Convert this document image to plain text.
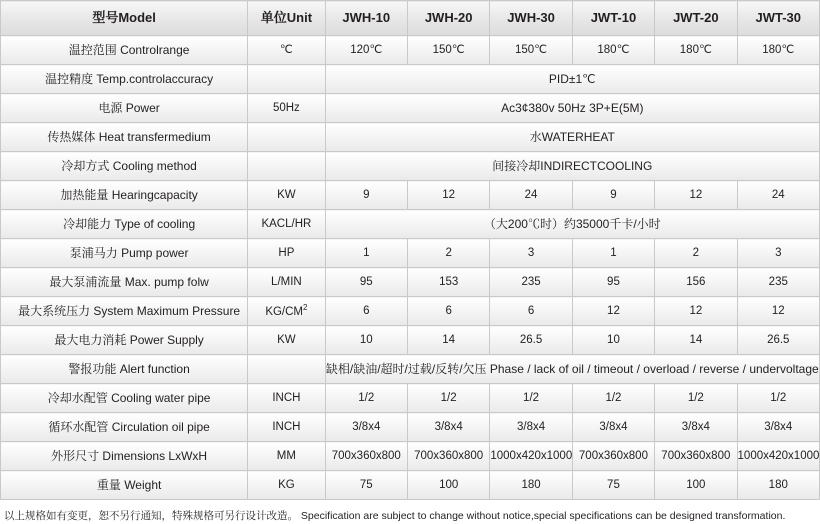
型号Model	单位Unit	JWH-10	JWH-20	JWH-30	JWT-10	JWT-20	JWT-30
温控范围 Controlrange	℃	120℃	150℃	150℃	180℃	180℃	180℃
温控精度 Temp.controlaccuracy		PID±1℃					
电源 Power	50Hz	Ac3¢380v 50Hz 3P+E(5M)					
传热媒体 Heat transfermedium		水WATERHEAT					
冷却方式 Cooling method		间接冷却INDIRECTCOOLING					
加热能量 Hearingcapacity	KW	9	12	24	9	12	24
冷却能力 Type of cooling	KACL/HR	（大200℃时）约35000千卡/小时					
泵浦马力 Pump power	HP	1	2	3	1	2	3
最大泵浦流量 Max. pump folw	L/MIN	95	153	235	95	156	235
最大系统压力 System Maximum Pressure	$KG/CM^2$	6	6	6	12	12	12
最大电力消耗 Power Supply	KW	10	14	26.5	10	14	26.5
警报功能 Alert function		缺相/缺油/超时/过载/反转/欠压 Phase / lack of oil / timeout / overload / reverse / undervoltage					
冷却水配管 Cooling water pipe	INCH	1/2	1/2	1/2	1/2	1/2	1/2
循环水配管 Circulation oil pipe	INCH	3/8x4	3/8x4	3/8x4	3/8x4	3/8x4	3/8x4
外形尺寸 Dimensions LxWxH	MM	700x360x800	700x360x800	1000x420x1000	700x360x800	700x360x800	1000x420x1000
重量 Weight	KG	75	100	180	75	100	180
以上规格如有变更，恕不另行通知，特殊规格可另行设计改造。 Specification are subject to change without notice,special specifications can be designed transformation.
